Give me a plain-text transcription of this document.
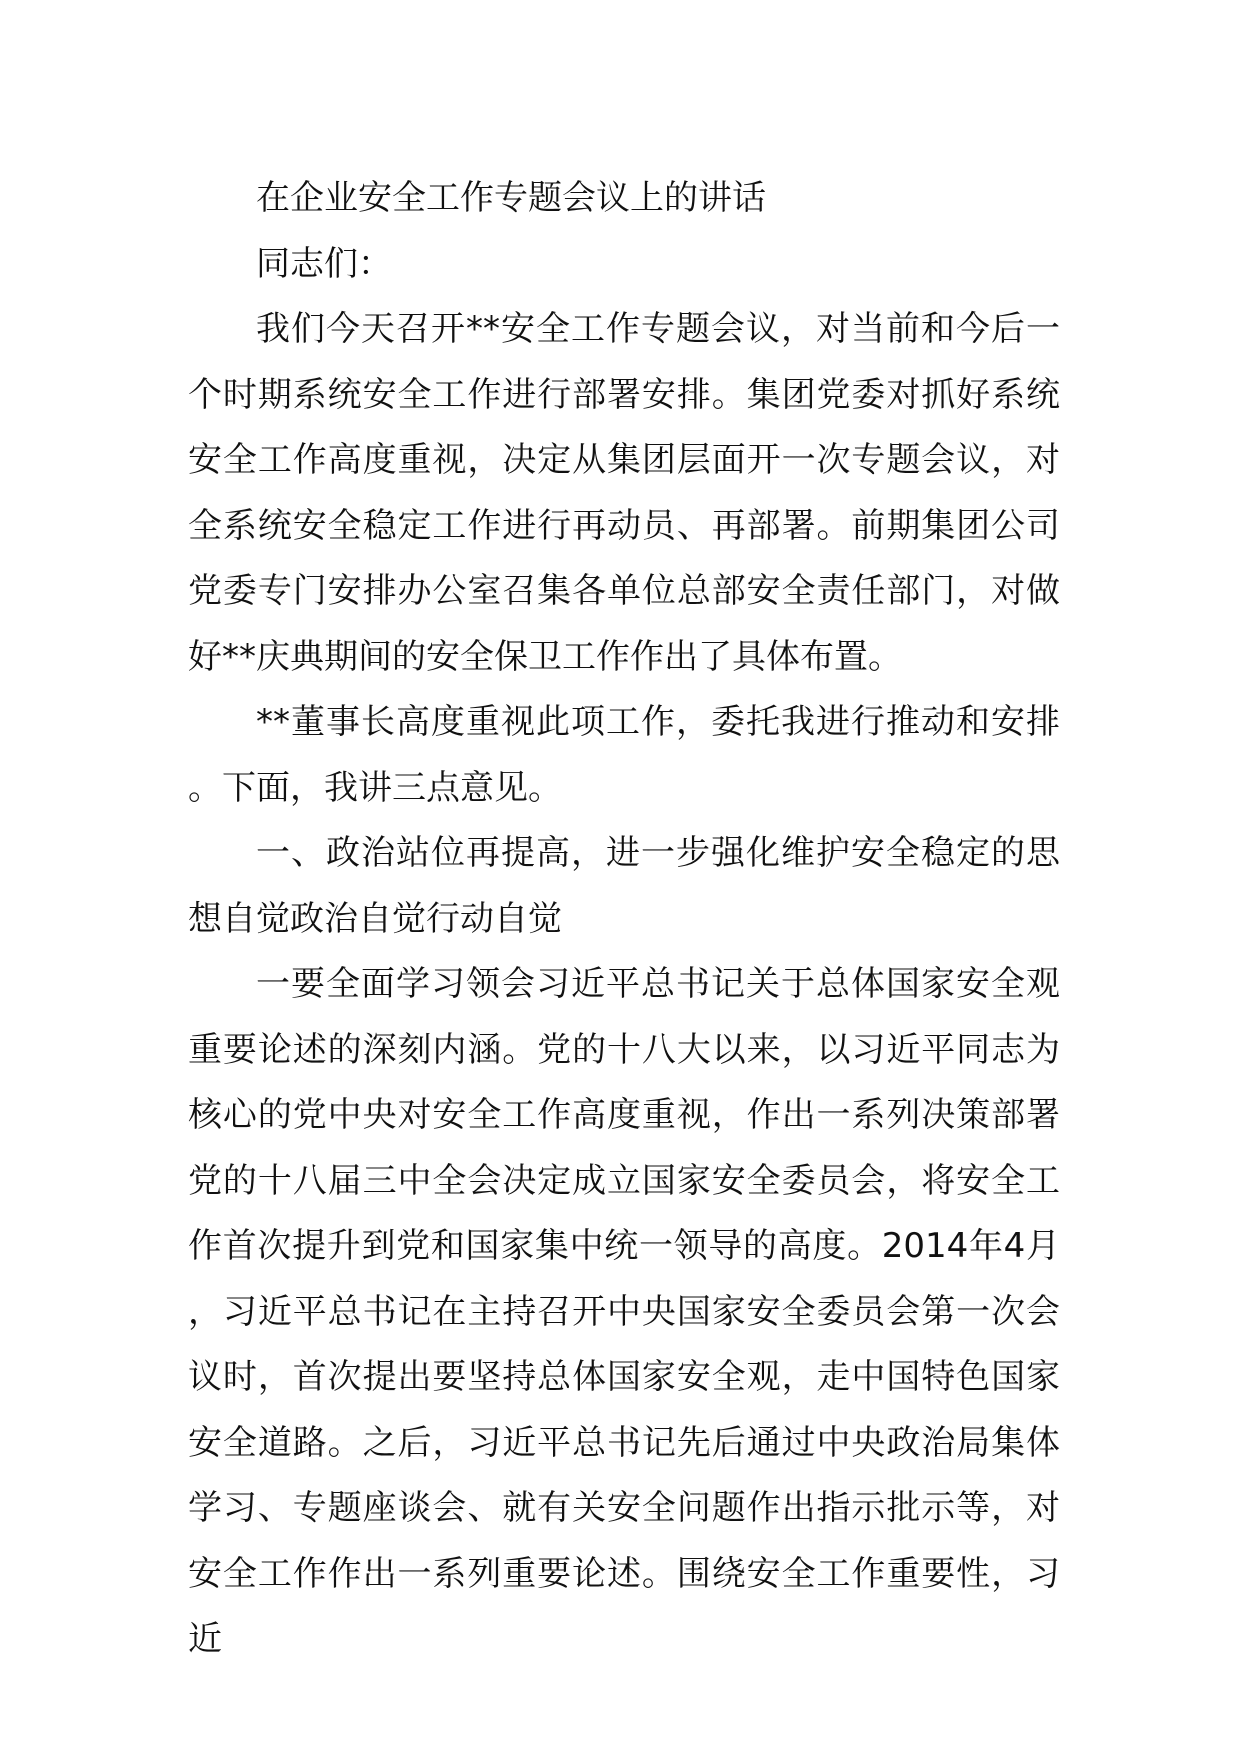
在企业安全工作专题会议上的讲话

同志们：

我们今天召开**安全工作专题会议，对当前和今后一个时期系统安全工作进行部署安排。集团党委对抓好系统安全工作高度重视，决定从集团层面开一次专题会议，对全系统安全稳定工作进行再动员、再部署。前期集团公司党委专门安排办公室召集各单位总部安全责任部门，对做好**庆典期间的安全保卫工作作出了具体布置。

**董事长高度重视此项工作，委托我进行推动和安排。下面，我讲三点意见。

一、政治站位再提高，进一步强化维护安全稳定的思想自觉政治自觉行动自觉

一要全面学习领会习近平总书记关于总体国家安全观重要论述的深刻内涵。党的十八大以来，以习近平同志为核心的党中央对安全工作高度重视，作出一系列决策部署党的十八届三中全会决定成立国家安全委员会，将安全工作首次提升到党和国家集中统一领导的高度。2014年4月，习近平总书记在主持召开中央国家安全委员会第一次会议时，首次提出要坚持总体国家安全观，走中国特色国家安全道路。之后，习近平总书记先后通过中央政治局集体学习、专题座谈会、就有关安全问题作出指示批示等，对安全工作作出一系列重要论述。围绕安全工作重要性，习近
